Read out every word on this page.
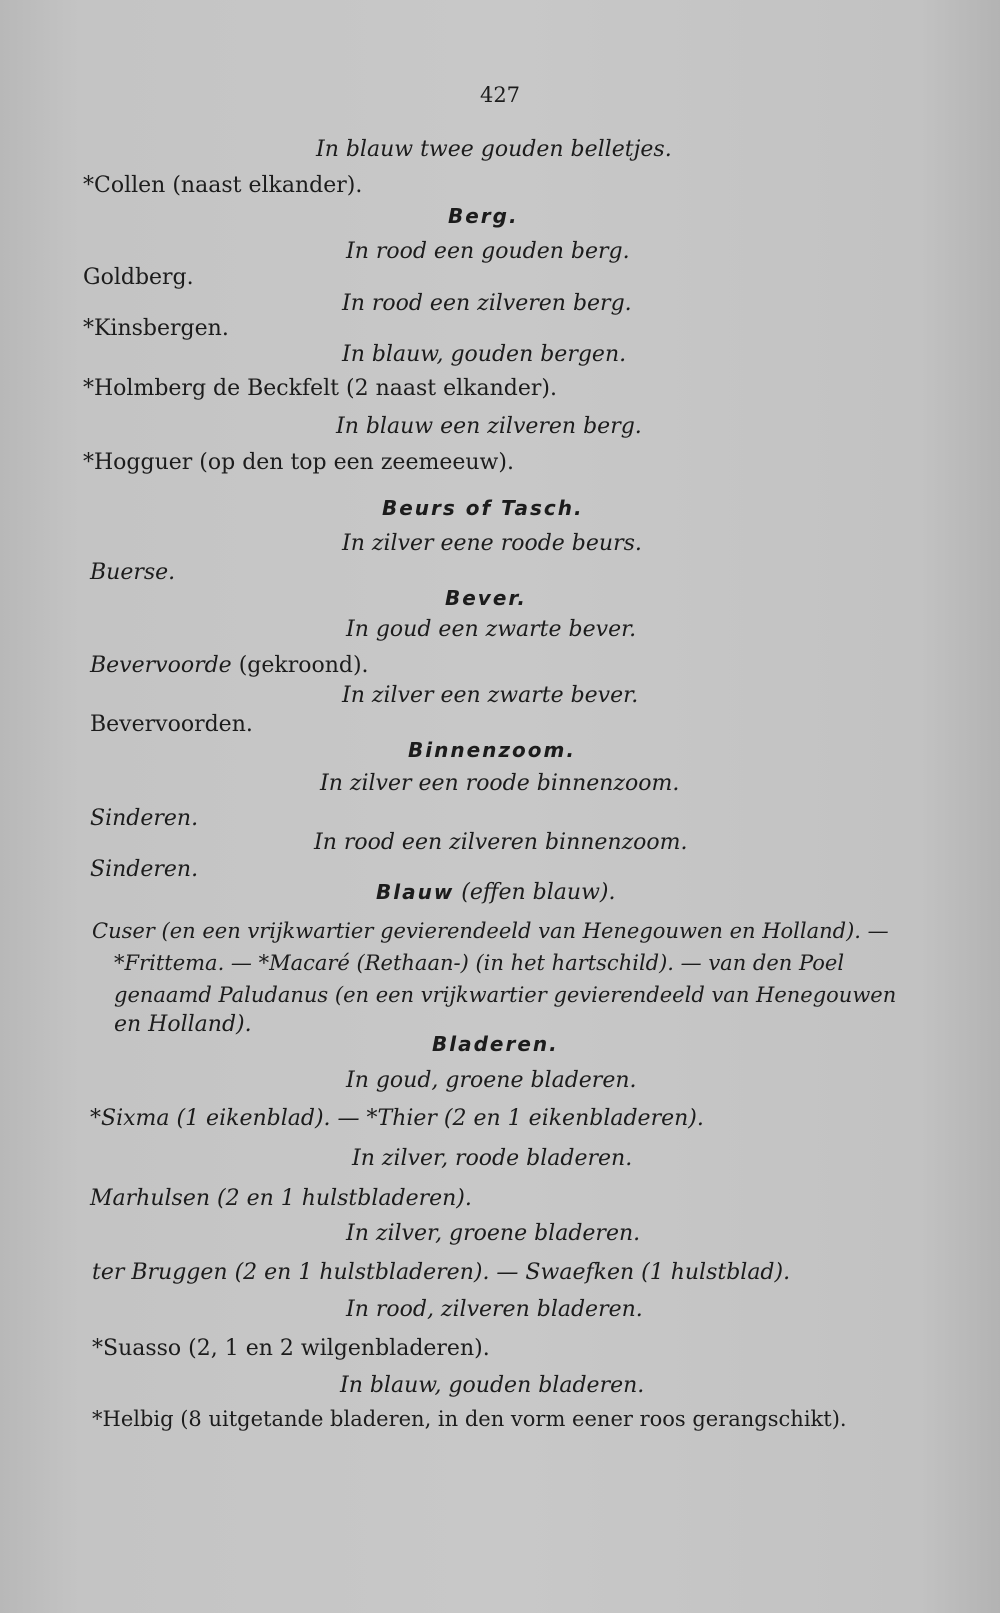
427
In blauw twee gouden belletjes.
*Collen (naast elkander).
Berg.
In rood een gouden berg.
Goldberg.
In rood een zilveren berg.
*Kinsbergen.
In blauw, gouden bergen.
*Holmberg de Beckfelt (2 naast elkander).
In blauw een zilveren berg.
*Hogguer (op den top een zeemeeuw).
Beurs of Tasch.
In zilver eene roode beurs.
Buerse.
Bever.
In goud een zwarte bever.
Bevervoorde (gekroond).
In zilver een zwarte bever.
Bevervoorden.
Binnenzoom.
In zilver een roode binnenzoom.
Sinderen.
In rood een zilveren binnenzoom.
Sinderen.
Blauw (effen blauw).
Cuser (en een vrijkwartier gevierendeeld van Henegouwen en Holland). —
*Frittema. — *Macaré (Rethaan-) (in het hartschild). — van den Poel
genaamd Paludanus (en een vrijkwartier gevierendeeld van Henegouwen
en Holland).
Bladeren.
In goud, groene bladeren.
*Sixma (1 eikenblad). — *Thier (2 en 1 eikenbladeren).
In zilver, roode bladeren.
Marhulsen (2 en 1 hulstbladeren).
In zilver, groene bladeren.
ter Bruggen (2 en 1 hulstbladeren). — Swaefken (1 hulstblad).
In rood, zilveren bladeren.
*Suasso (2, 1 en 2 wilgenbladeren).
In blauw, gouden bladeren.
*Helbig (8 uitgetande bladeren, in den vorm eener roos gerangschikt).
